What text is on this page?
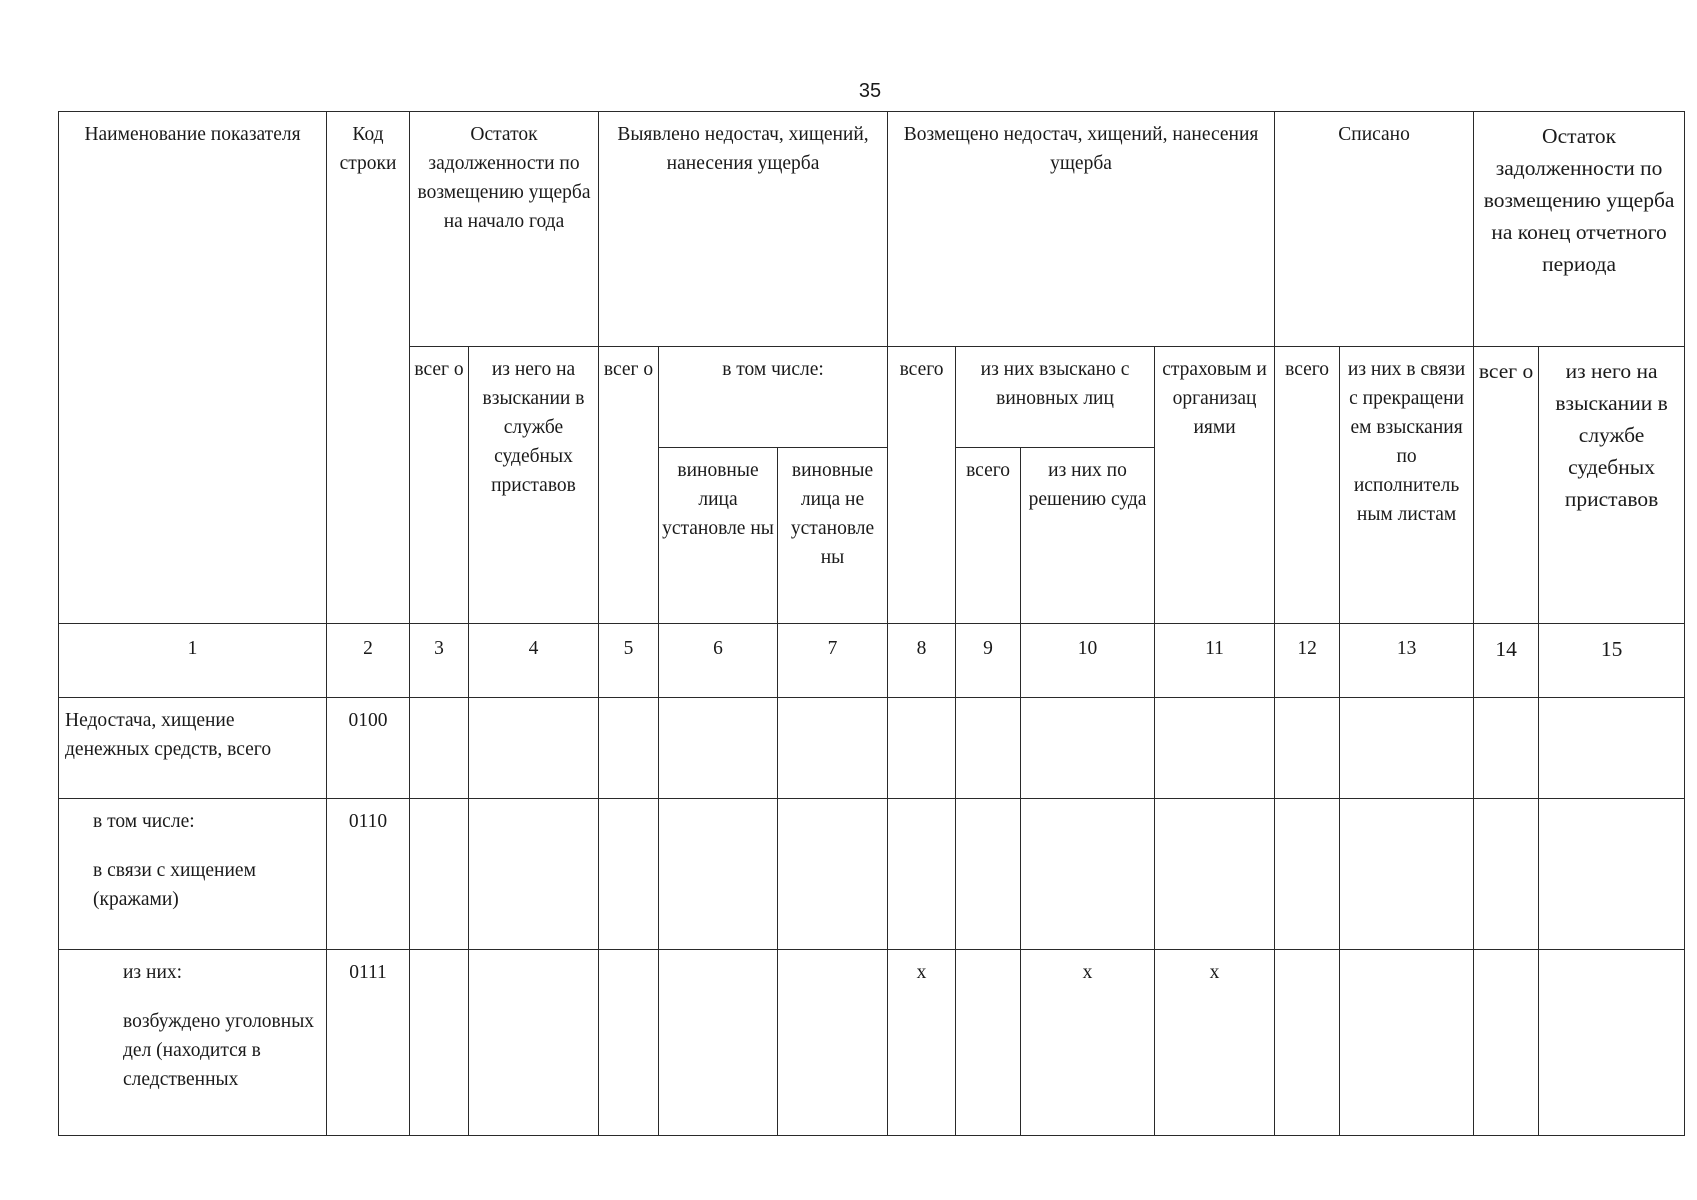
35
Наименование показателя	Код строки	Остаток задолженности по возмещению ущерба на начало года		Выявлено недостач, хищений, нанесения ущерба			Возмещено недостач, хищений, нанесения ущерба				Списано		Остаток задолженности по возмещению ущерба на конец отчетного периода	
		всег о	из него на взыскании в службе судебных приставов	всег о	в том числе:		всего	из них взыскано с виновных лиц		страховым и организац иями	всего	из них в связи с прекращени ем взыскания по исполнитель ным листам	всег о	из него на взыскании в службе судебных приставов
					виновные лица установле ны	виновные лица не установле ны		всего	из них по решению суда					
1	2	3	4	5	6	7	8	9	10	11	12	13	14	15
Недостача, хищение денежных средств, всего	0100													
в том числе:
в связи с хищением (кражами)	0110													
из них:
возбуждено уголовных дел (находится в следственных	0111						x		x	x				
